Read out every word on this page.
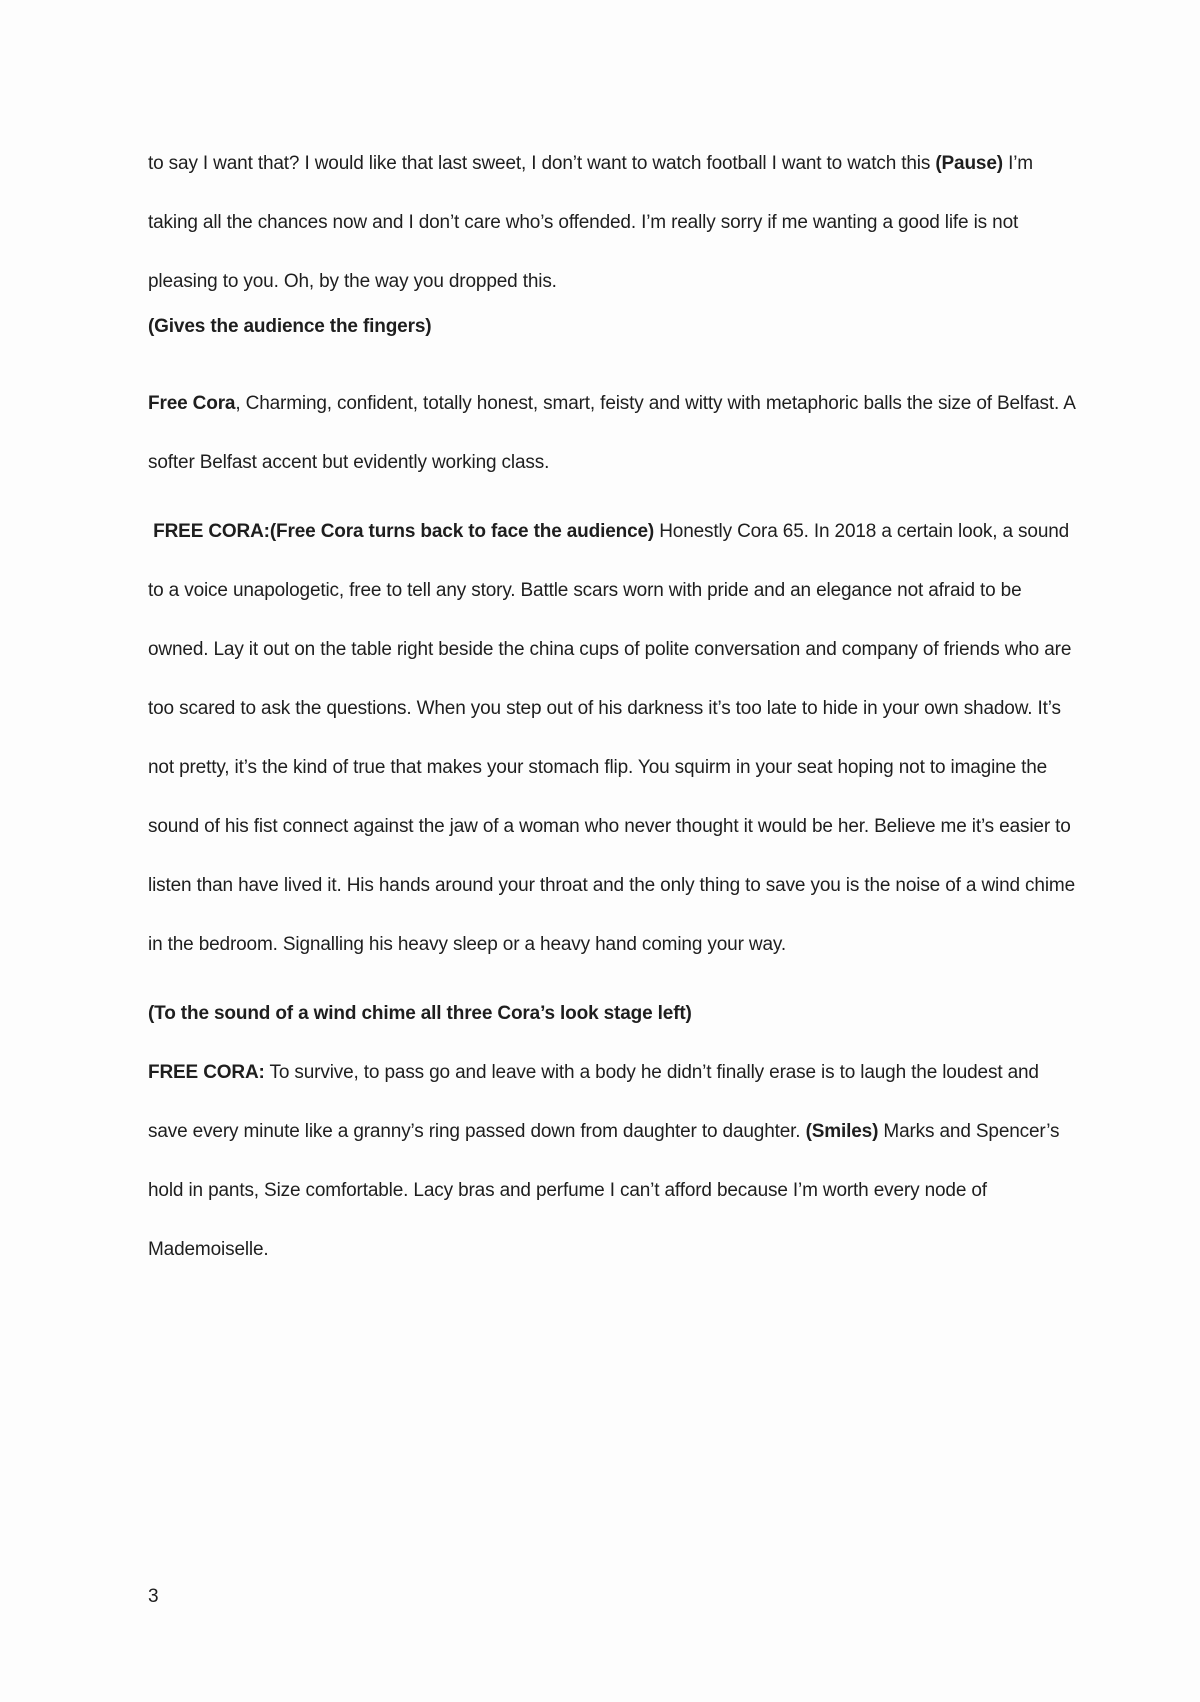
to say I want that? I would like that last sweet, I don’t want to watch football I want to watch this (Pause) I’m taking all the chances now and I don’t care who’s offended. I’m really sorry if me wanting a good life is not pleasing to you. Oh, by the way you dropped this.

(Gives the audience the fingers)

Free Cora, Charming, confident, totally honest, smart, feisty and witty with metaphoric balls the size of Belfast. A softer Belfast accent but evidently working class.

FREE CORA:(Free Cora turns back to face the audience) Honestly Cora 65. In 2018 a certain look, a sound to a voice unapologetic, free to tell any story. Battle scars worn with pride and an elegance not afraid to be owned. Lay it out on the table right beside the china cups of polite conversation and company of friends who are too scared to ask the questions. When you step out of his darkness it’s too late to hide in your own shadow. It’s not pretty, it’s the kind of true that makes your stomach flip. You squirm in your seat hoping not to imagine the sound of his fist connect against the jaw of a woman who never thought it would be her. Believe me it’s easier to listen than have lived it. His hands around your throat and the only thing to save you is the noise of a wind chime in the bedroom. Signalling his heavy sleep or a heavy hand coming your way.

(To the sound of a wind chime all three Cora’s look stage left)

FREE CORA: To survive, to pass go and leave with a body he didn’t finally erase is to laugh the loudest and save every minute like a granny’s ring passed down from daughter to daughter. (Smiles) Marks and Spencer’s hold in pants, Size comfortable. Lacy bras and perfume I can’t afford because I’m worth every node of Mademoiselle.

3
